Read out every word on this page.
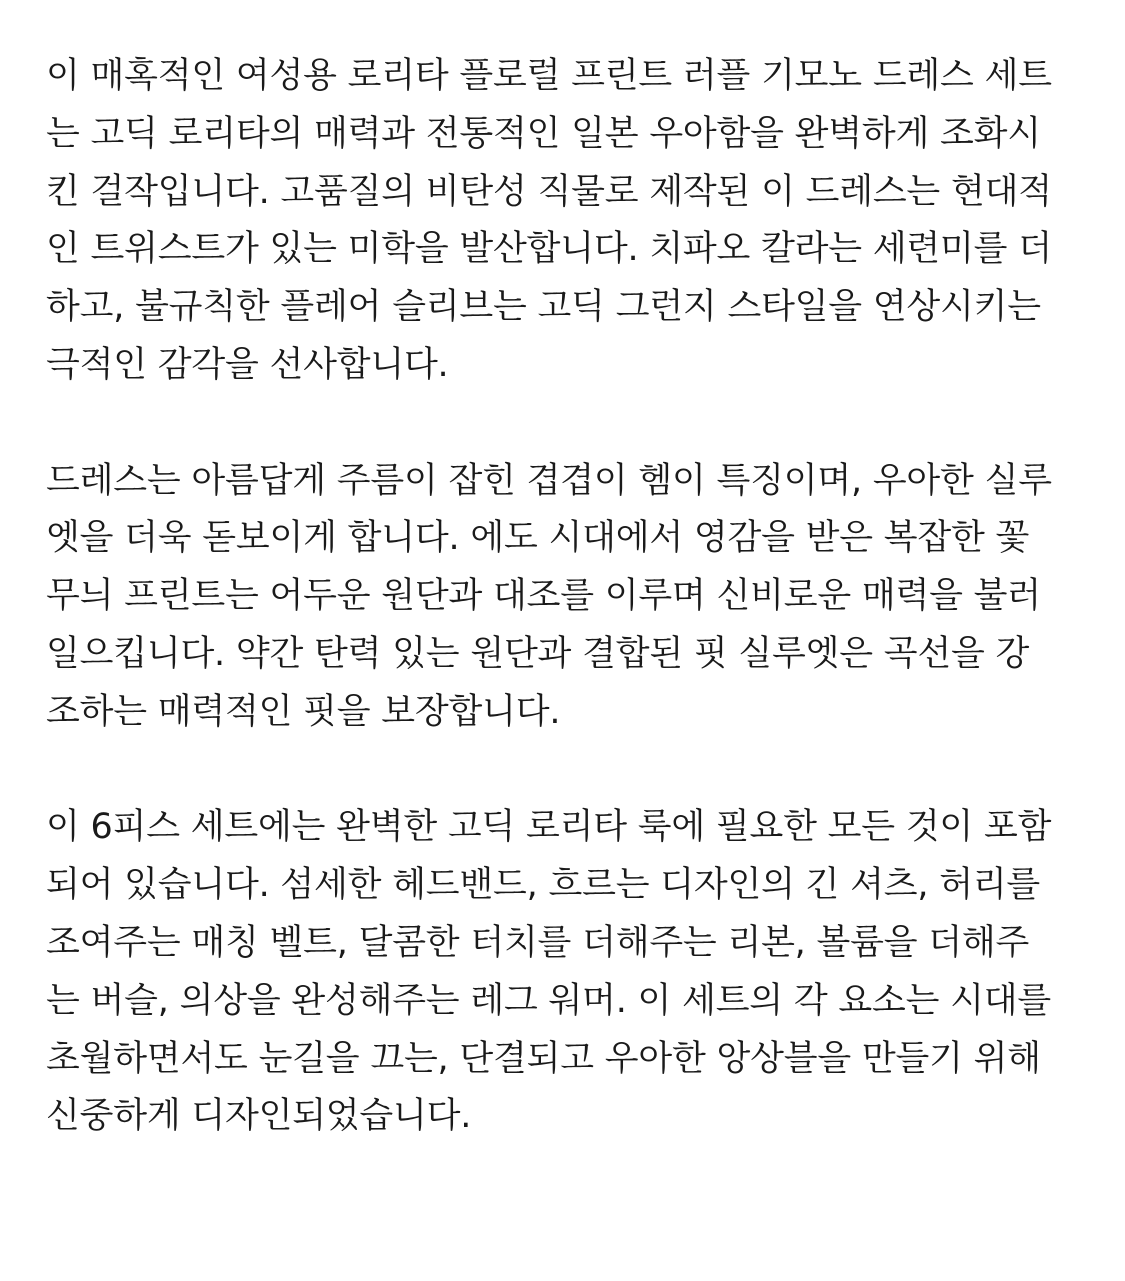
이 매혹적인 여성용 로리타 플로럴 프린트 러플 기모노 드레스 세트
는 고딕 로리타의 매력과 전통적인 일본 우아함을 완벽하게 조화시
킨 걸작입니다. 고품질의 비탄성 직물로 제작된 이 드레스는 현대적
인 트위스트가 있는 미학을 발산합니다. 치파오 칼라는 세련미를 더
하고, 불규칙한 플레어 슬리브는 고딕 그런지 스타일을 연상시키는
극적인 감각을 선사합니다.
드레스는 아름답게 주름이 잡힌 겹겹이 헴이 특징이며, 우아한 실루
엣을 더욱 돋보이게 합니다. 에도 시대에서 영감을 받은 복잡한 꽃
무늬 프린트는 어두운 원단과 대조를 이루며 신비로운 매력을 불러
일으킵니다. 약간 탄력 있는 원단과 결합된 핏 실루엣은 곡선을 강
조하는 매력적인 핏을 보장합니다.
이 6피스 세트에는 완벽한 고딕 로리타 룩에 필요한 모든 것이 포함
되어 있습니다. 섬세한 헤드밴드, 흐르는 디자인의 긴 셔츠, 허리를
조여주는 매칭 벨트, 달콤한 터치를 더해주는 리본, 볼륨을 더해주
는 버슬, 의상을 완성해주는 레그 워머. 이 세트의 각 요소는 시대를
초월하면서도 눈길을 끄는, 단결되고 우아한 앙상블을 만들기 위해
신중하게 디자인되었습니다.
